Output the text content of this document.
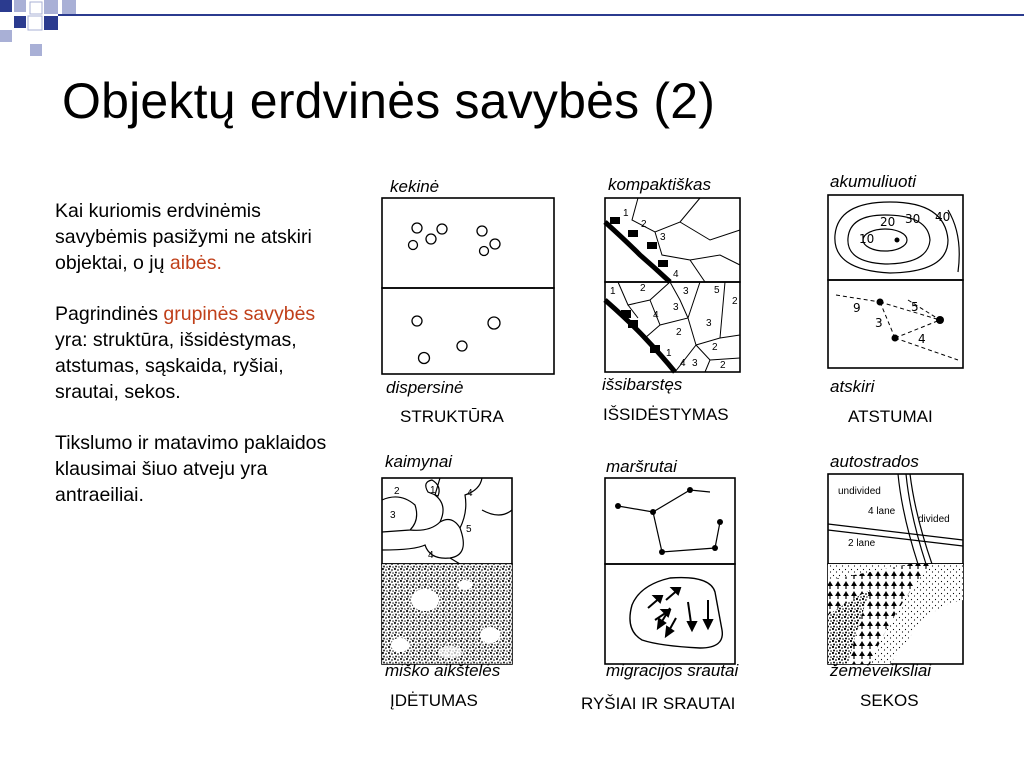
Objektų erdvinės savybės (2)

Kai kuriomis erdvinėmis savybėmis pasižymi ne atskiri objektai, o jų aibės.

Pagrindinės grupinės savybės yra: struktūra, išsidėstymas, atstumas, sąskaida, ryšiai, srautai, sekos.

Tikslumo ir matavimo paklaidos klausimai šiuo atveju yra antraeiliai.

kekinė
dispersinė
STRUKTŪRA
kompaktiškas
1
2
3
4
1 2	3
4
5
2
3
2
3
2
1
4 3 2
išsibarstęs
IŠSIDĖSTYMAS
akumuliuoti
10
20 30 40
9	5
3
4
atskiri
ATSTUMAI
kaimynai
1
2
3
4
5
4
miško aikštelės
ĮDĖTUMAS
maršrutai
migracijos srautai
RYŠIAI IR SRAUTAI
autostrados
undivided
4 lane
divided
2 lane
žemėveiksliai
SEKOS
